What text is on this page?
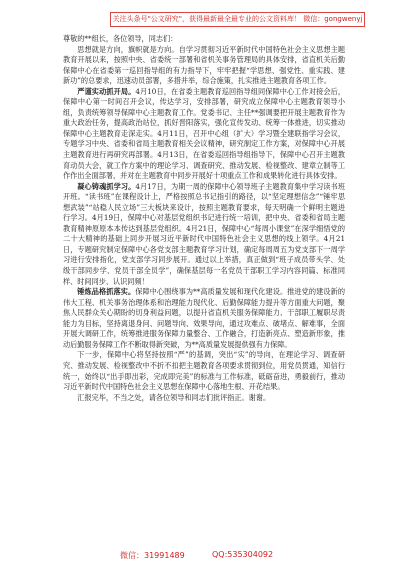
关注头条号"公文研究"，获得最新最全最专业的公文资料库！ 微信：gongwenyj

尊敬的**组长，各位领导，同志们：

思想就是方向，旗帜就是方向。自学习贯彻习近平新时代中国特色社会主义思想主题教育开展以来，按照中央、省委统一部署和省机关事务管理局的具体安排，省直机关后勤保障中心在省委第一巡回指导组的有力指导下，牢牢把握“学思想、强党性、重实践、建新功”的总要求，迅速动员部署，多措并举，综合施策，扎实推进主题教育各项工作。

严谨实动抓开局。4月10日，在省委主题教育巡回指导组同保障中心工作对接会后，保障中心第一时间召开会议，传达学习，安排部署，研究成立保障中心主题教育领导小组，负责统筹领导保障中心主题教育工作。党委书记、主任**强调要把开展主题教育作为重大政治任务，提高政治站位，抓好晋阳落实，强化宣传发动、统筹一体推进，切实推动保障中心主题教育走深走实。4月11日，召开中心组（扩大）学习暨全建联指学习会议，专题学习中央、省委和省局主题教育相关会议精神，研究制定工作方案，对保障中心开展主题教育进行再研究再部署。4月13日，在省委巡回指导组指导下，保障中心召开主题教育动员大会，就工作方案中的理论学习、调查研究、推动发展、检视整改、建章立制等工作作出全面部署，并对在主题教育中同步开展好十项重点工作和成果转化进行具体安排。

凝心铸魂抓学习。4月17日，为期一周的保障中心领导班子主题教育集中学习读书班开班。“读书班”在课程设计上，严格按照总书记指引的路径，以“坚定理想信念”“锤牢思想武装”“站稳人民立场”三大板块来设计，按照主题教育要求，每天明确一个鲜明主题进行学习。4月19日，保障中心对基层党组织书记进行统一培训，把中央、省委和省局主题教育精神原原本本传达到基层党组织。4月21日，保障中心“每周小课堂”在深学细悟党的二十大精神的基础上同步开展习近平新时代中国特色社会主义思想的线上领学。4月21日，专题研究制定保障中心各党支部主题教育学习计划，确定每周周五为党支部下一周学习进行安排指化，党支部学习同步展开。通过以上举措，真正做到“班子成员带头学、处级干部同步学、党员干部全员学”，确保基层每一名党员干部职工学习内容同篇、标准同样、时间同步、认识同频！

锤炼品格抓落实。保障中心围绕事为**高质量发展和现代化建设。推进党的建设新的伟大工程、机关事务治理体系和治理能力现代化、后勤保障能力提升等方面重大问题，聚焦人民群众关心期盼的切身利益问题，以提升省直机关服务保障能力、干部职工履职尽责能力为目标，坚持离退身问、问题导向、效果导向，通过攻难点、破堵点、解难事，全面开展大调研工作，统筹推进服务保障力量整合、工作融合，打造新亮点、塑造新形象，推动后勤服务保障工作不断取得新突破，为**高质量发展提供强有力保障。

下一步，保障中心将坚持按照“严”的基调，突出“实”的导向，在理论学习、调查研究、推动发展、检视整改中不折不扣把主题教育各项要求贯彻到位，用党员贯通，知信行统一，始终以“出手即出彩，完成即完美”的标准与工作标准，砥砺奋进，勇毅前行，推动习近平新时代中国特色社会主义思想在保障中心落地生根、开花结果。

汇报完毕，不当之处，请各位领导和同志们批评指正。谢谢。

微信：31991489	QQ:535304092
